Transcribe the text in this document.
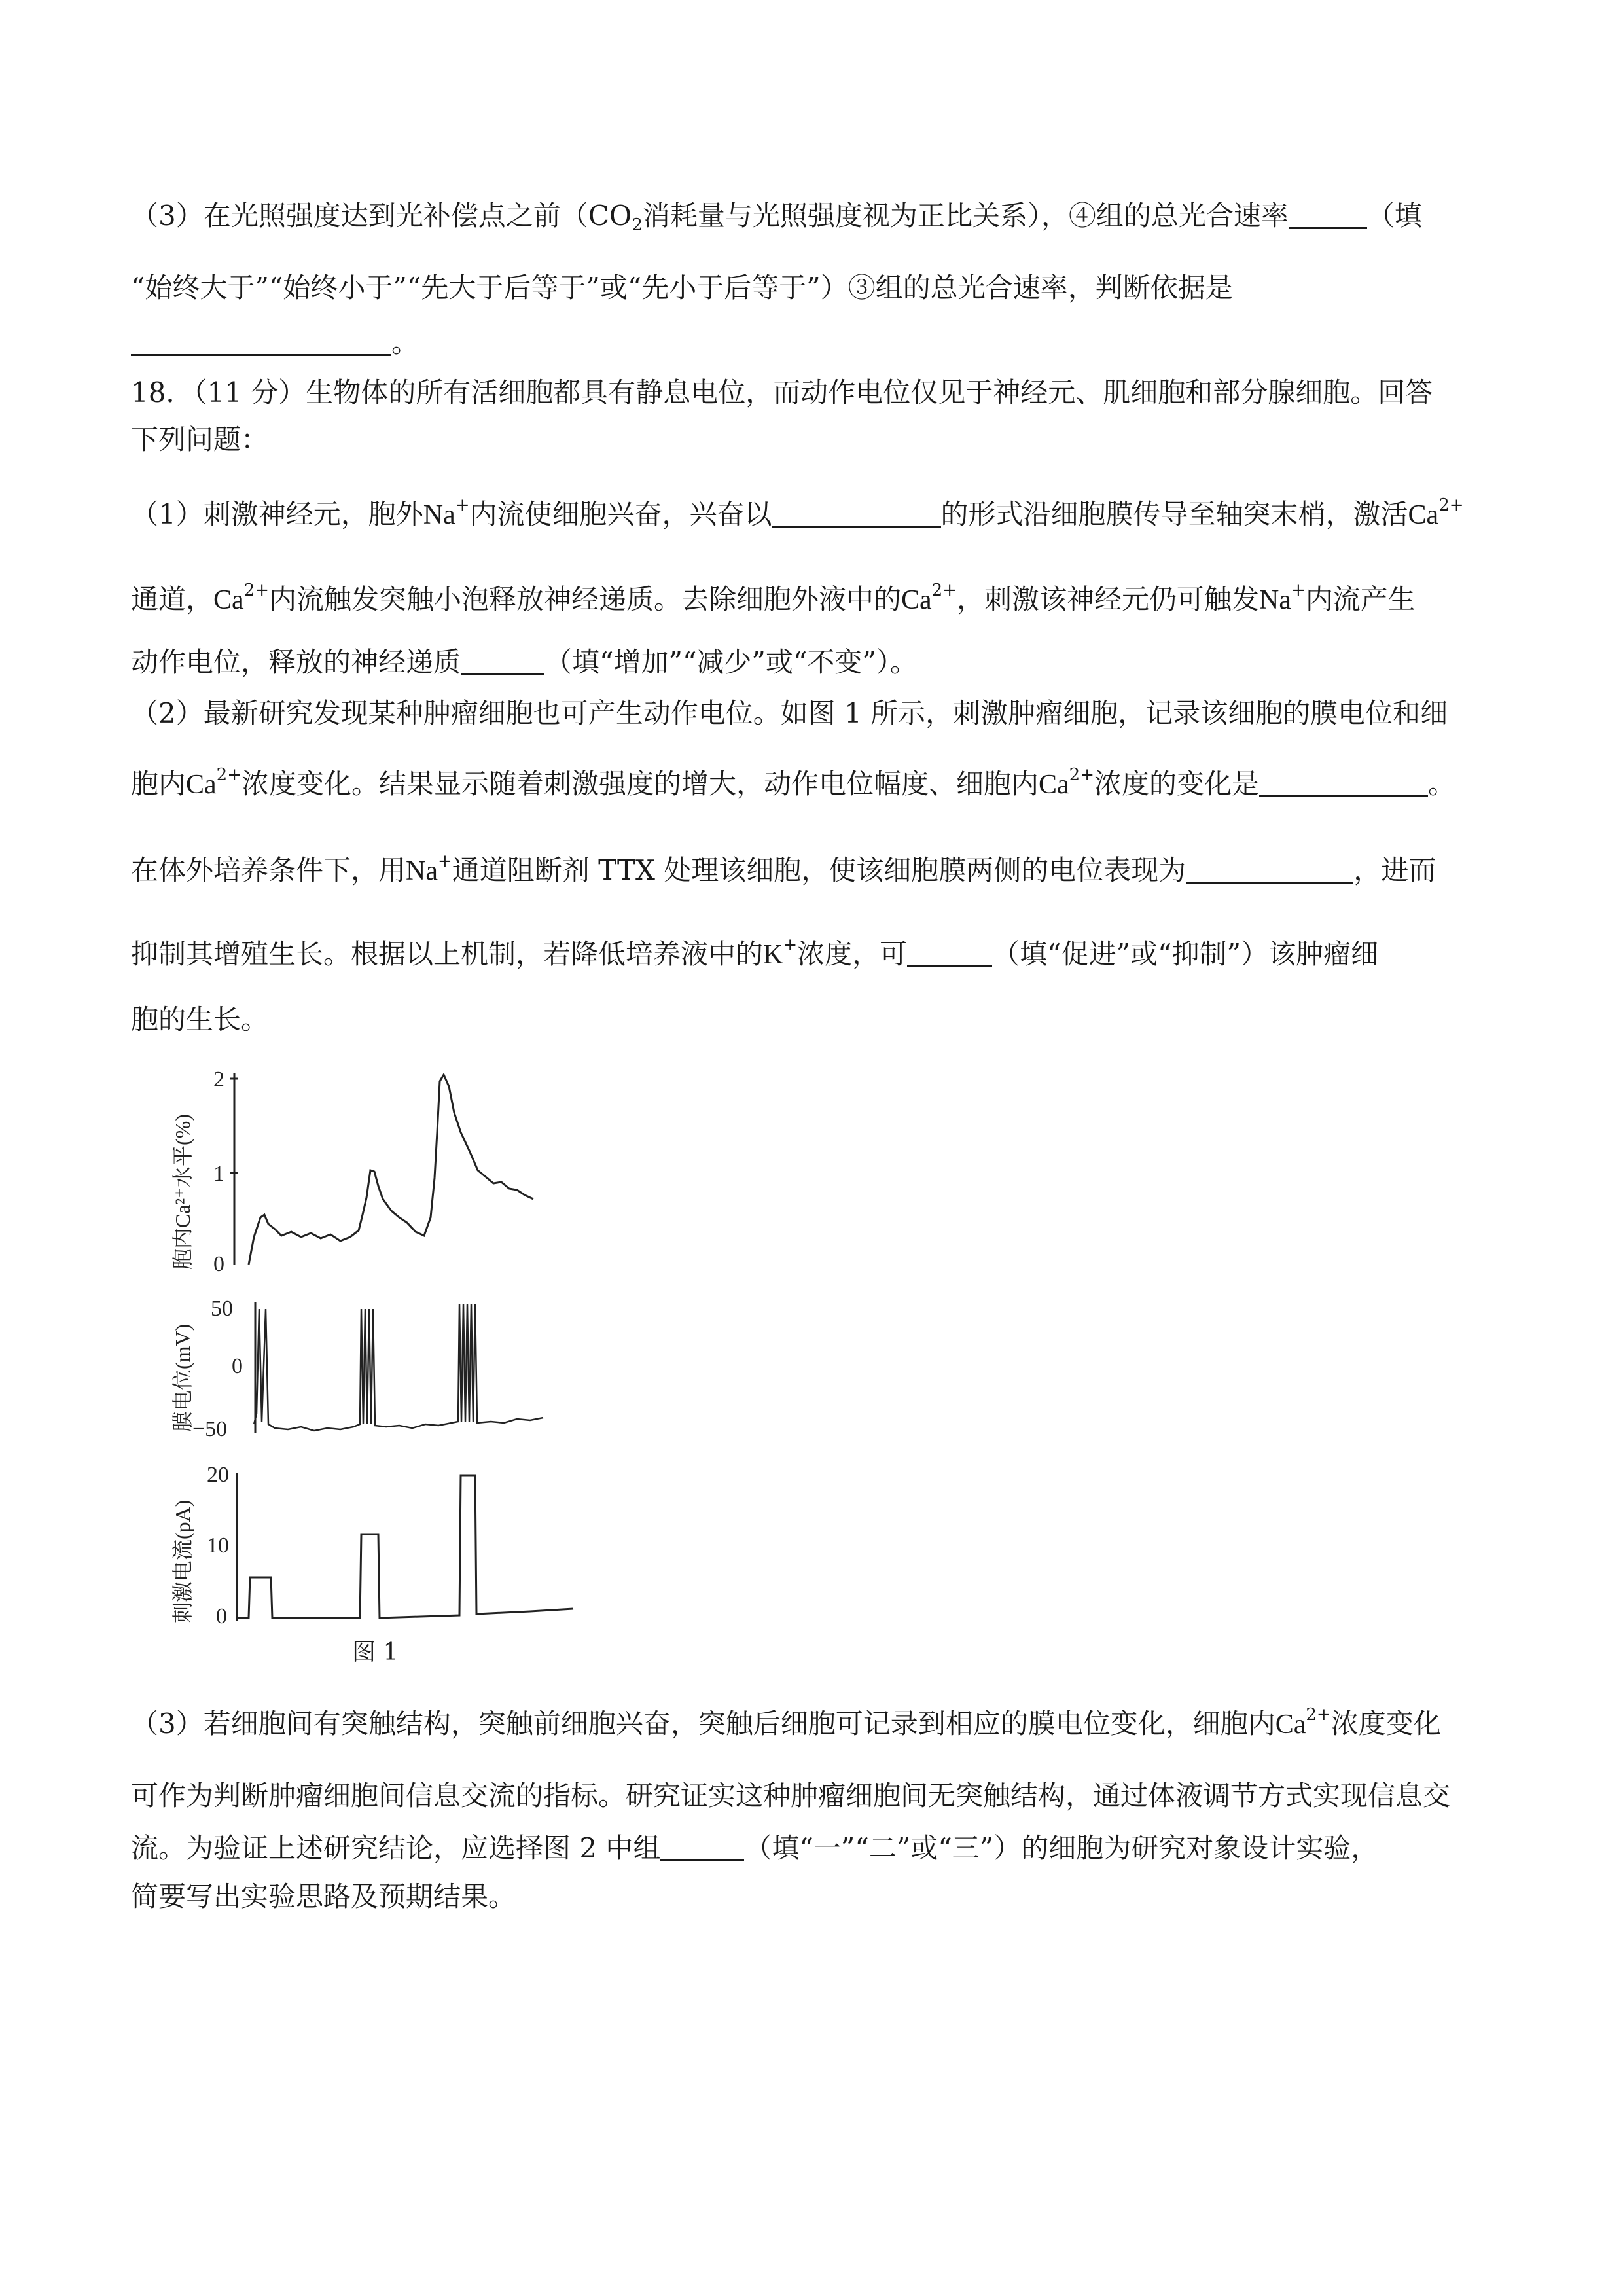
（3）在光照强度达到光补偿点之前（$CO_2$消耗量与光照强度视为正比关系），④组的总光合速率	（填
“始终大于”“始终小于”“先大于后等于”或“先小于后等于”）③组的总光合速率，判断依据是
。
18．（11 分）生物体的所有活细胞都具有静息电位，而动作电位仅见于神经元、肌细胞和部分腺细胞。回答
下列问题：
（1）刺激神经元，胞外Na+内流使细胞兴奋，兴奋以	的形式沿细胞膜传导至轴突末梢，激活$Ca^{2+}$
通道，$Ca^{2+}$内流触发突触小泡释放神经递质。去除细胞外液中的$Ca^{2+}$，刺激该神经元仍可触发Na+内流产生
动作电位，释放的神经递质	（填“增加”“减少”或“不变”）。
（2）最新研究发现某种肿瘤细胞也可产生动作电位。如图 1 所示，刺激肿瘤细胞，记录该细胞的膜电位和细
胞内$Ca^{2+}$浓度变化。结果显示随着刺激强度的增大，动作电位幅度、细胞内$Ca^{2+}$浓度的变化是	。
在体外培养条件下，用Na+通道阻断剂 TTX 处理该细胞，使该细胞膜两侧的电位表现为	，进而
抑制其增殖生长。根据以上机制，若降低培养液中的K+浓度，可	（填“促进”或“抑制”）该肿瘤细
胞的生长。
胞内Ca²⁺水平(%)
2
1
0
膜电位(mV)
50
0
−50
刺激电流(pA)
20
10
0
图 1
（3）若细胞间有突触结构，突触前细胞兴奋，突触后细胞可记录到相应的膜电位变化，细胞内$Ca^{2+}$浓度变化
可作为判断肿瘤细胞间信息交流的指标。研究证实这种肿瘤细胞间无突触结构，通过体液调节方式实现信息交
流。为验证上述研究结论，应选择图 2 中组	（填“一”“二”或“三”）的细胞为研究对象设计实验，
简要写出实验思路及预期结果。
